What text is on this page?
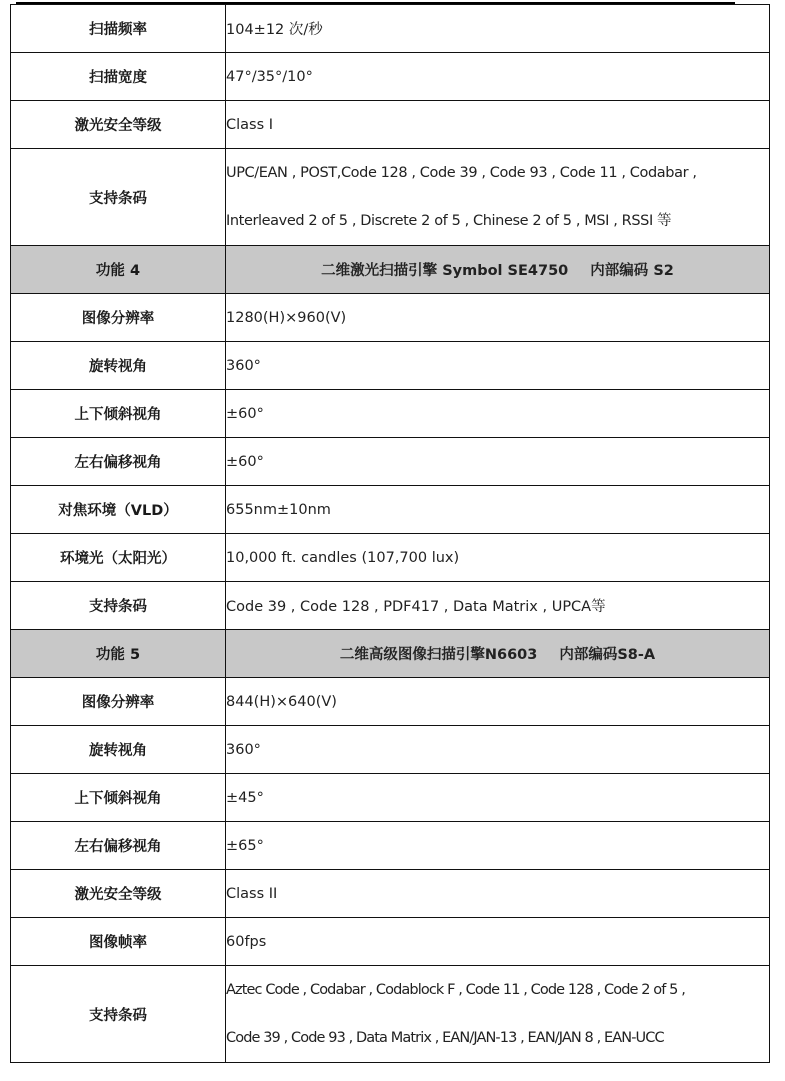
扫描频率	104±12 次/秒
扫描宽度	47°/35°/10°
激光安全等级	Class I
支持条码	UPC/EAN , POST,Code 128 , Code 39 , Code 93 , Code 11 , Codabar ,
Interleaved 2 of 5 , Discrete 2 of 5 , Chinese 2 of 5 , MSI , RSSI 等

功能 4	二维激光扫描引擎 Symbol SE4750 内部编码 S2
图像分辨率	1280(H)×960(V)
旋转视角	360°
上下倾斜视角	±60°
左右偏移视角	±60°
对焦环境（VLD）	655nm±10nm
环境光（太阳光）	10,000 ft. candles (107,700 lux)
支持条码	Code 39 , Code 128 , PDF417 , Data Matrix , UPCA等
功能 5	二维高级图像扫描引擎N6603 内部编码S8-A
图像分辨率	844(H)×640(V)
旋转视角	360°
上下倾斜视角	±45°
左右偏移视角	±65°
激光安全等级	Class II
图像帧率	60fps
支持条码	Aztec Code , Codabar , Codablock F , Code 11 , Code 128 , Code 2 of 5 ,
Code 39 , Code 93 , Data Matrix , EAN/JAN-13 , EAN/JAN 8 , EAN-UCC
